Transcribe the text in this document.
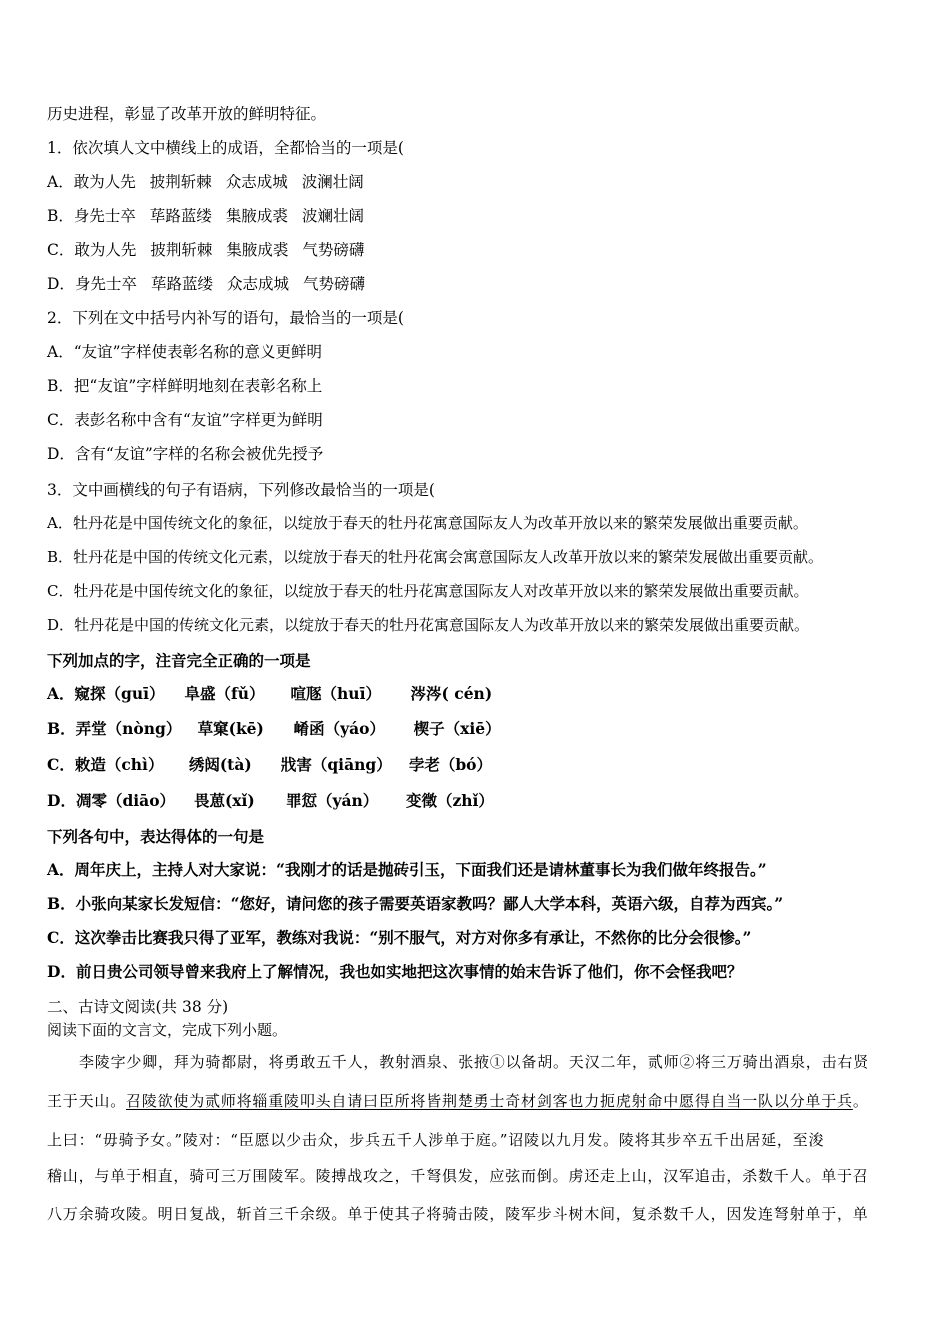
历史进程，彰显了改革开放的鲜明特征。
1．依次填人文中横线上的成语，全都恰当的一项是(
A．敢为人先 披荆斩棘 众志成城 波澜壮阔
B．身先士卒 荜路蓝缕 集腋成裘 波斓壮阔
C．敢为人先 披荆斩棘 集腋成裘 气势磅礴
D．身先士卒 荜路蓝缕 众志成城 气势磅礴
2．下列在文中括号内补写的语句，最恰当的一项是(
A．“友谊”字样使表彰名称的意义更鲜明
B．把“友谊”字样鲜明地刻在表彰名称上
C．表彭名称中含有“友谊”字样更为鲜明
D．含有“友谊”字样的名称会被优先授予
3．文中画横线的句子有语病，下列修改最恰当的一项是(
A．牡丹花是中国传统文化的象征，以绽放于春天的牡丹花寓意国际友人为改革开放以来的繁荣发展做出重要贡献。
B．牡丹花是中国的传统文化元素，以绽放于春天的牡丹花寓会寓意国际友人改革开放以来的繁荣发展做出重要贡献。
C．牡丹花是中国传统文化的象征，以绽放于春天的牡丹花寓意国际友人对改革开放以来的繁荣发展做出重要贡献。
D．牡丹花是中国的传统文化元素，以绽放于春天的牡丹花寓意国际友人为改革开放以来的繁荣发展做出重要贡献。
下列加点的字，注音完全正确的一项是
A．窥探（guī） 阜盛（fǔ） 喧豗（huī） 涔涔( cén)
B．弄堂（nòng） 草窠(kē) 崤函（yáo） 楔子（xiē）
C．敕造（chì） 绣闼(tà) 戕害（qiāng） 孛老（bó）
D．凋零（diāo） 畏葸(xǐ) 罪愆（yán） 变徵（zhǐ）
下列各句中，表达得体的一句是
A．周年庆上，主持人对大家说：“我刚才的话是抛砖引玉，下面我们还是请林董事长为我们做年终报告。”
B．小张向某家长发短信：“您好，请问您的孩子需要英语家教吗？鄙人大学本科，英语六级，自荐为西宾。”
C．这次拳击比赛我只得了亚军，教练对我说：“别不服气，对方对你多有承让，不然你的比分会很惨。”
D．前日贵公司领导曾来我府上了解情况，我也如实地把这次事情的始末告诉了他们，你不会怪我吧？
二、古诗文阅读(共 38 分)
阅读下面的文言文，完成下列小题。
李陵字少卿，拜为骑都尉，将勇敢五千人，教射酒泉、张掖①以备胡。天汉二年，贰师②将三万骑出酒泉，击右贤
王于天山。召陵欲使为贰师将辎重陵叩头自请曰臣所将皆荆楚勇士奇材剑客也力扼虎射命中愿得自当一队以分单于兵。
上曰：“毋骑予女。”陵对：“臣愿以少击众，步兵五千人涉单于庭。”诏陵以九月发。陵将其步卒五千出居延，至浚
稽山，与单于相直，骑可三万围陵军。陵搏战攻之，千弩俱发，应弦而倒。虏还走上山，汉军追击，杀数千人。单于召
八万余骑攻陵。明日复战，斩首三千余级。单于使其子将骑击陵，陵军步斗树木间，复杀数千人，因发连弩射单于，单
